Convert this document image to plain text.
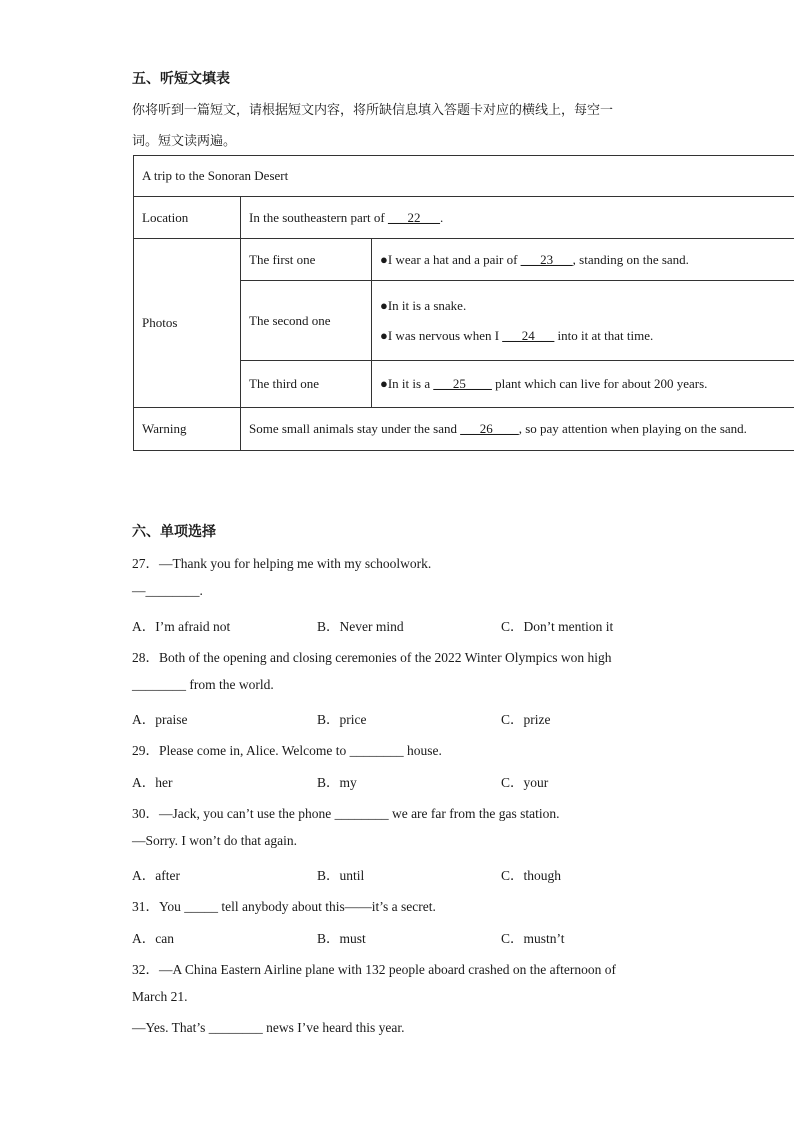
五、听短文填表
你将听到一篇短文，请根据短文内容，将所缺信息填入答题卡对应的横线上，每空一
词。短文读两遍。
A trip to the Sonoran Desert		
Location	In the southeastern part of ___22___.	
Photos	The first one	●I wear a hat and a pair of ___23___, standing on the sand.
	The second one	●In it is a snake.
●I was nervous when I ___24___ into it at that time.

	The third one	●In it is a ___25____ plant which can live for about 200 years.
Warning	Some small animals stay under the sand ___26____, so pay attention when playing on the sand.	
六、单项选择
27．—Thank you for helping me with my schoolwork.
—________.
A．I’m afraid not	B．Never mind	C．Don’t mention it
28．Both of the opening and closing ceremonies of the 2022 Winter Olympics won high
________ from the world.
A．praise	B．price	C．prize
29．Please come in, Alice. Welcome to ________ house.
A．her	B．my	C．your
30．—Jack, you can’t use the phone ________ we are far from the gas station.
—Sorry. I won’t do that again.
A．after	B．until	C．though
31．You _____ tell anybody about this——it’s a secret.
A．can	B．must	C．mustn’t
32．—A China Eastern Airline plane with 132 people aboard crashed on the afternoon of
March 21.
—Yes. That’s ________ news I’ve heard this year.
